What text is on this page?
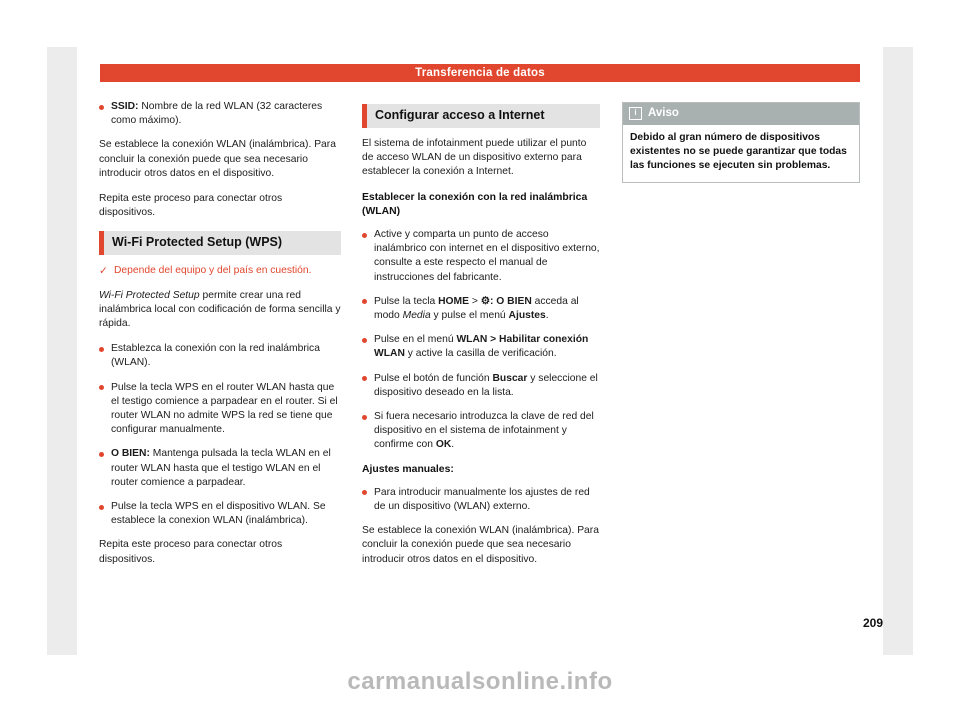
Transferencia de datos
SSID: Nombre de la red WLAN (32 caracteres como máximo).

Se establece la conexión WLAN (inalámbrica). Para concluir la conexión puede que sea necesario introducir otros datos en el dispositivo.

Repita este proceso para conectar otros dispositivos.

Wi-Fi Protected Setup (WPS)
✓ Depende del equipo y del país en cuestión.

Wi-Fi Protected Setup permite crear una red inalámbrica local con codificación de forma sencilla y rápida.

Establezca la conexión con la red inalámbrica (WLAN).
Pulse la tecla WPS en el router WLAN hasta que el testigo comience a parpadear en el router. Si el router WLAN no admite WPS la red se tiene que configurar manualmente.
O BIEN: Mantenga pulsada la tecla WLAN en el router WLAN hasta que el testigo WLAN en el router comience a parpadear.
Pulse la tecla WPS en el dispositivo WLAN. Se establece la conexion WLAN (inalámbrica).

Repita este proceso para conectar otros dispositivos.

Configurar acceso a Internet

El sistema de infotainment puede utilizar el punto de acceso WLAN de un dispositivo externo para establecer la conexión a Internet.

Establecer la conexión con la red inalámbrica (WLAN)
Active y comparta un punto de acceso inalámbrico con internet en el dispositivo externo, consulte a este respecto el manual de instrucciones del fabricante.
Pulse la tecla HOME > ⚙: O BIEN acceda al modo Media y pulse el menú Ajustes.
Pulse en el menú WLAN > Habilitar conexión WLAN y active la casilla de verificación.
Pulse el botón de función Buscar y seleccione el dispositivo deseado en la lista.
Si fuera necesario introduzca la clave de red del dispositivo en el sistema de infotainment y confirme con OK.
Ajustes manuales:
Para introducir manualmente los ajustes de red de un dispositivo (WLAN) externo.

Se establece la conexión WLAN (inalámbrica). Para concluir la conexión puede que sea necesario introducir otros datos en el dispositivo.

i Aviso
Debido al gran número de dispositivos existentes no se puede garantizar que todas las funciones se ejecuten sin problemas.
209
carmanualsonline.info
